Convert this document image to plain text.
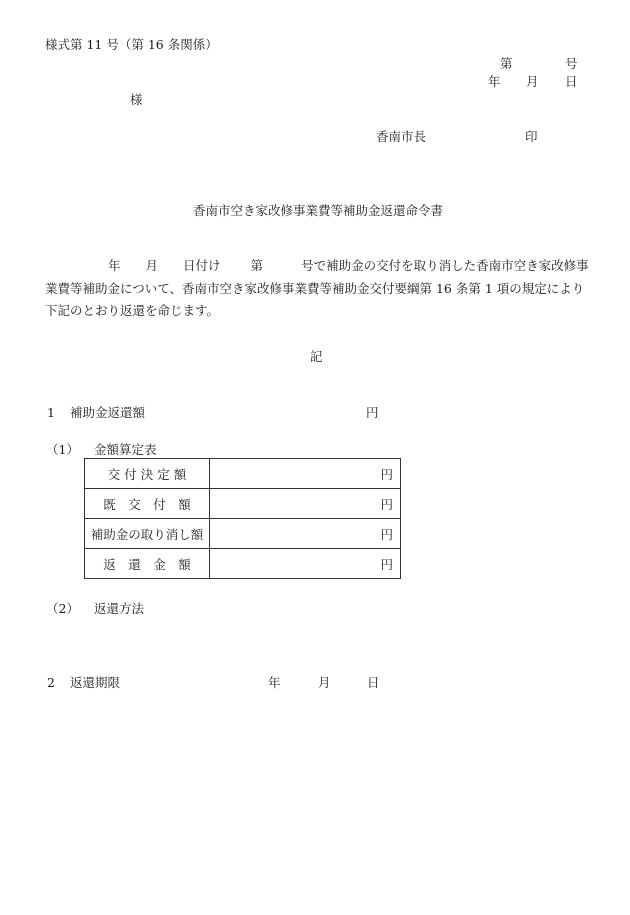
様式第 11 号（第 16 条関係）
第	号
年 月 日
様
香南市長	印
香南市空き家改修事業費等補助金返還命令書
年 月 日付け 第	号で補助金の交付を取り消した香南市空き家改修事業費等補助金について、香南市空き家改修事業費等補助金交付要綱第 16 条第 1 項の規定により下記のとおり返還を命じます。
記
1 補助金返還額	円
（1） 金額算定表
交 付 決 定 額	円
既　交　付　額	円
補助金の取り消し額	円
返　還　金　額	円
（2） 返還方法
2 返還期限	年	月	日
